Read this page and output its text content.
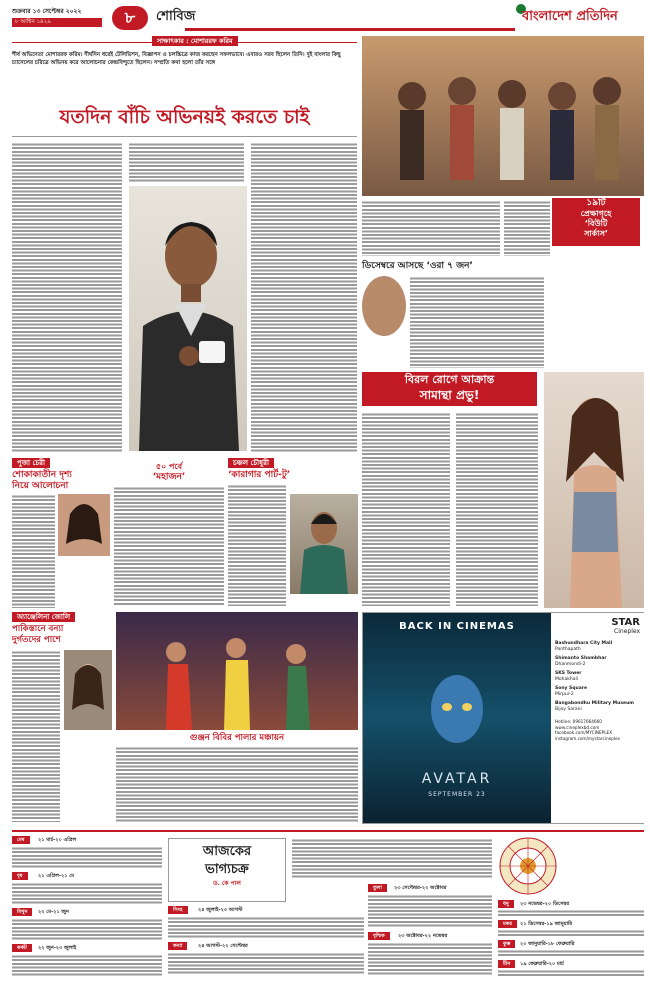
শুক্রবার ১৩ সেপ্টেম্বর ২০২২
৮ আশ্বিন ১৪২৯	৮	শোবিজ	বাংলাদেশ প্রতিদিন
সাক্ষাৎকার : মোশাররফ করিম
শীর্ষ অভিনেতা মোশাররফ করিম। দীর্ঘদিন ধরেই টেলিভিশন, বিজ্ঞাপন ও চলচ্চিত্রে কাজ করছেন সফলভাবে। এবারও সরব ছিলেন তিনি। দুই বাংলার কিছু চ্যানেলের চরিত্রে অভিনয় করে আলোচনার কেন্দ্রবিন্দুতে ছিলেন। সম্প্রতি কথা হলো তাঁর সঙ্গে
যতদিন বাঁচি অভিনয়ই করতে চাই
১৯টি
প্রেক্ষাগৃহে
‘বিউটি
সার্কাস’
ডিসেম্বরে আসছে ‘ওরা ৭ জন’
বিরল রোগে আক্রান্ত
সামান্থা প্রভু!
পুজা চেরী
শোকাকাতীন দৃশ্য
নিয়ে আলোচনা
৫০ পর্বে
‘মহাজন’
চঞ্চল চৌধুরী
‘কারাগার পার্ট-টু’
অ্যাঞ্জেলিনা জোলি
পাকিস্তানে বন্যা
দুর্গতদের পাশে
গুঞ্জন বিবির পালার মঞ্চায়ন
BACK IN CINEMAS
AVATAR
SEPTEMBER 23
STAR
Cineplex
Bashundhara City Mall
Panthapath
Shimanto Shambhar
Dhanmondi-2
SKS Tower
Mohakhali
Sony Square
Mirpur-2
Bangabondhu Military Museum
Bijoy Sarani
Hotline: 09617664660
www.cineplexbd.com
facebook.com/MYCINEPLEX
instagram.com/mystarcineplex
মেষ	২১ মার্চ-২০ এপ্রিল
বৃষ	২১ এপ্রিল-২১ মে
মিথুন	২২ মে-২১ জুন
কর্কট	২২ জুন-২৩ জুলাই
আজকের
ভাগ্যচক্র
ড. কে পাল
সিংহ	২৪ জুলাই-২৩ আগস্ট
কন্যা	২৪ আগস্ট-২২ সেপ্টেম্বর
তুলা	২৩ সেপ্টেম্বর-২২ অক্টোবর
বৃশ্চিক	২৩ অক্টোবর-২২ নভেম্বর
ধনু	২৩ নভেম্বর-২০ ডিসেম্বর
মকর	২১ ডিসেম্বর-১৯ জানুয়ারি
কুম্ভ	২০ জানুয়ারি-১৮ ফেব্রুয়ারি
মীন	১৯ ফেব্রুয়ারি-২০ মার্চ
